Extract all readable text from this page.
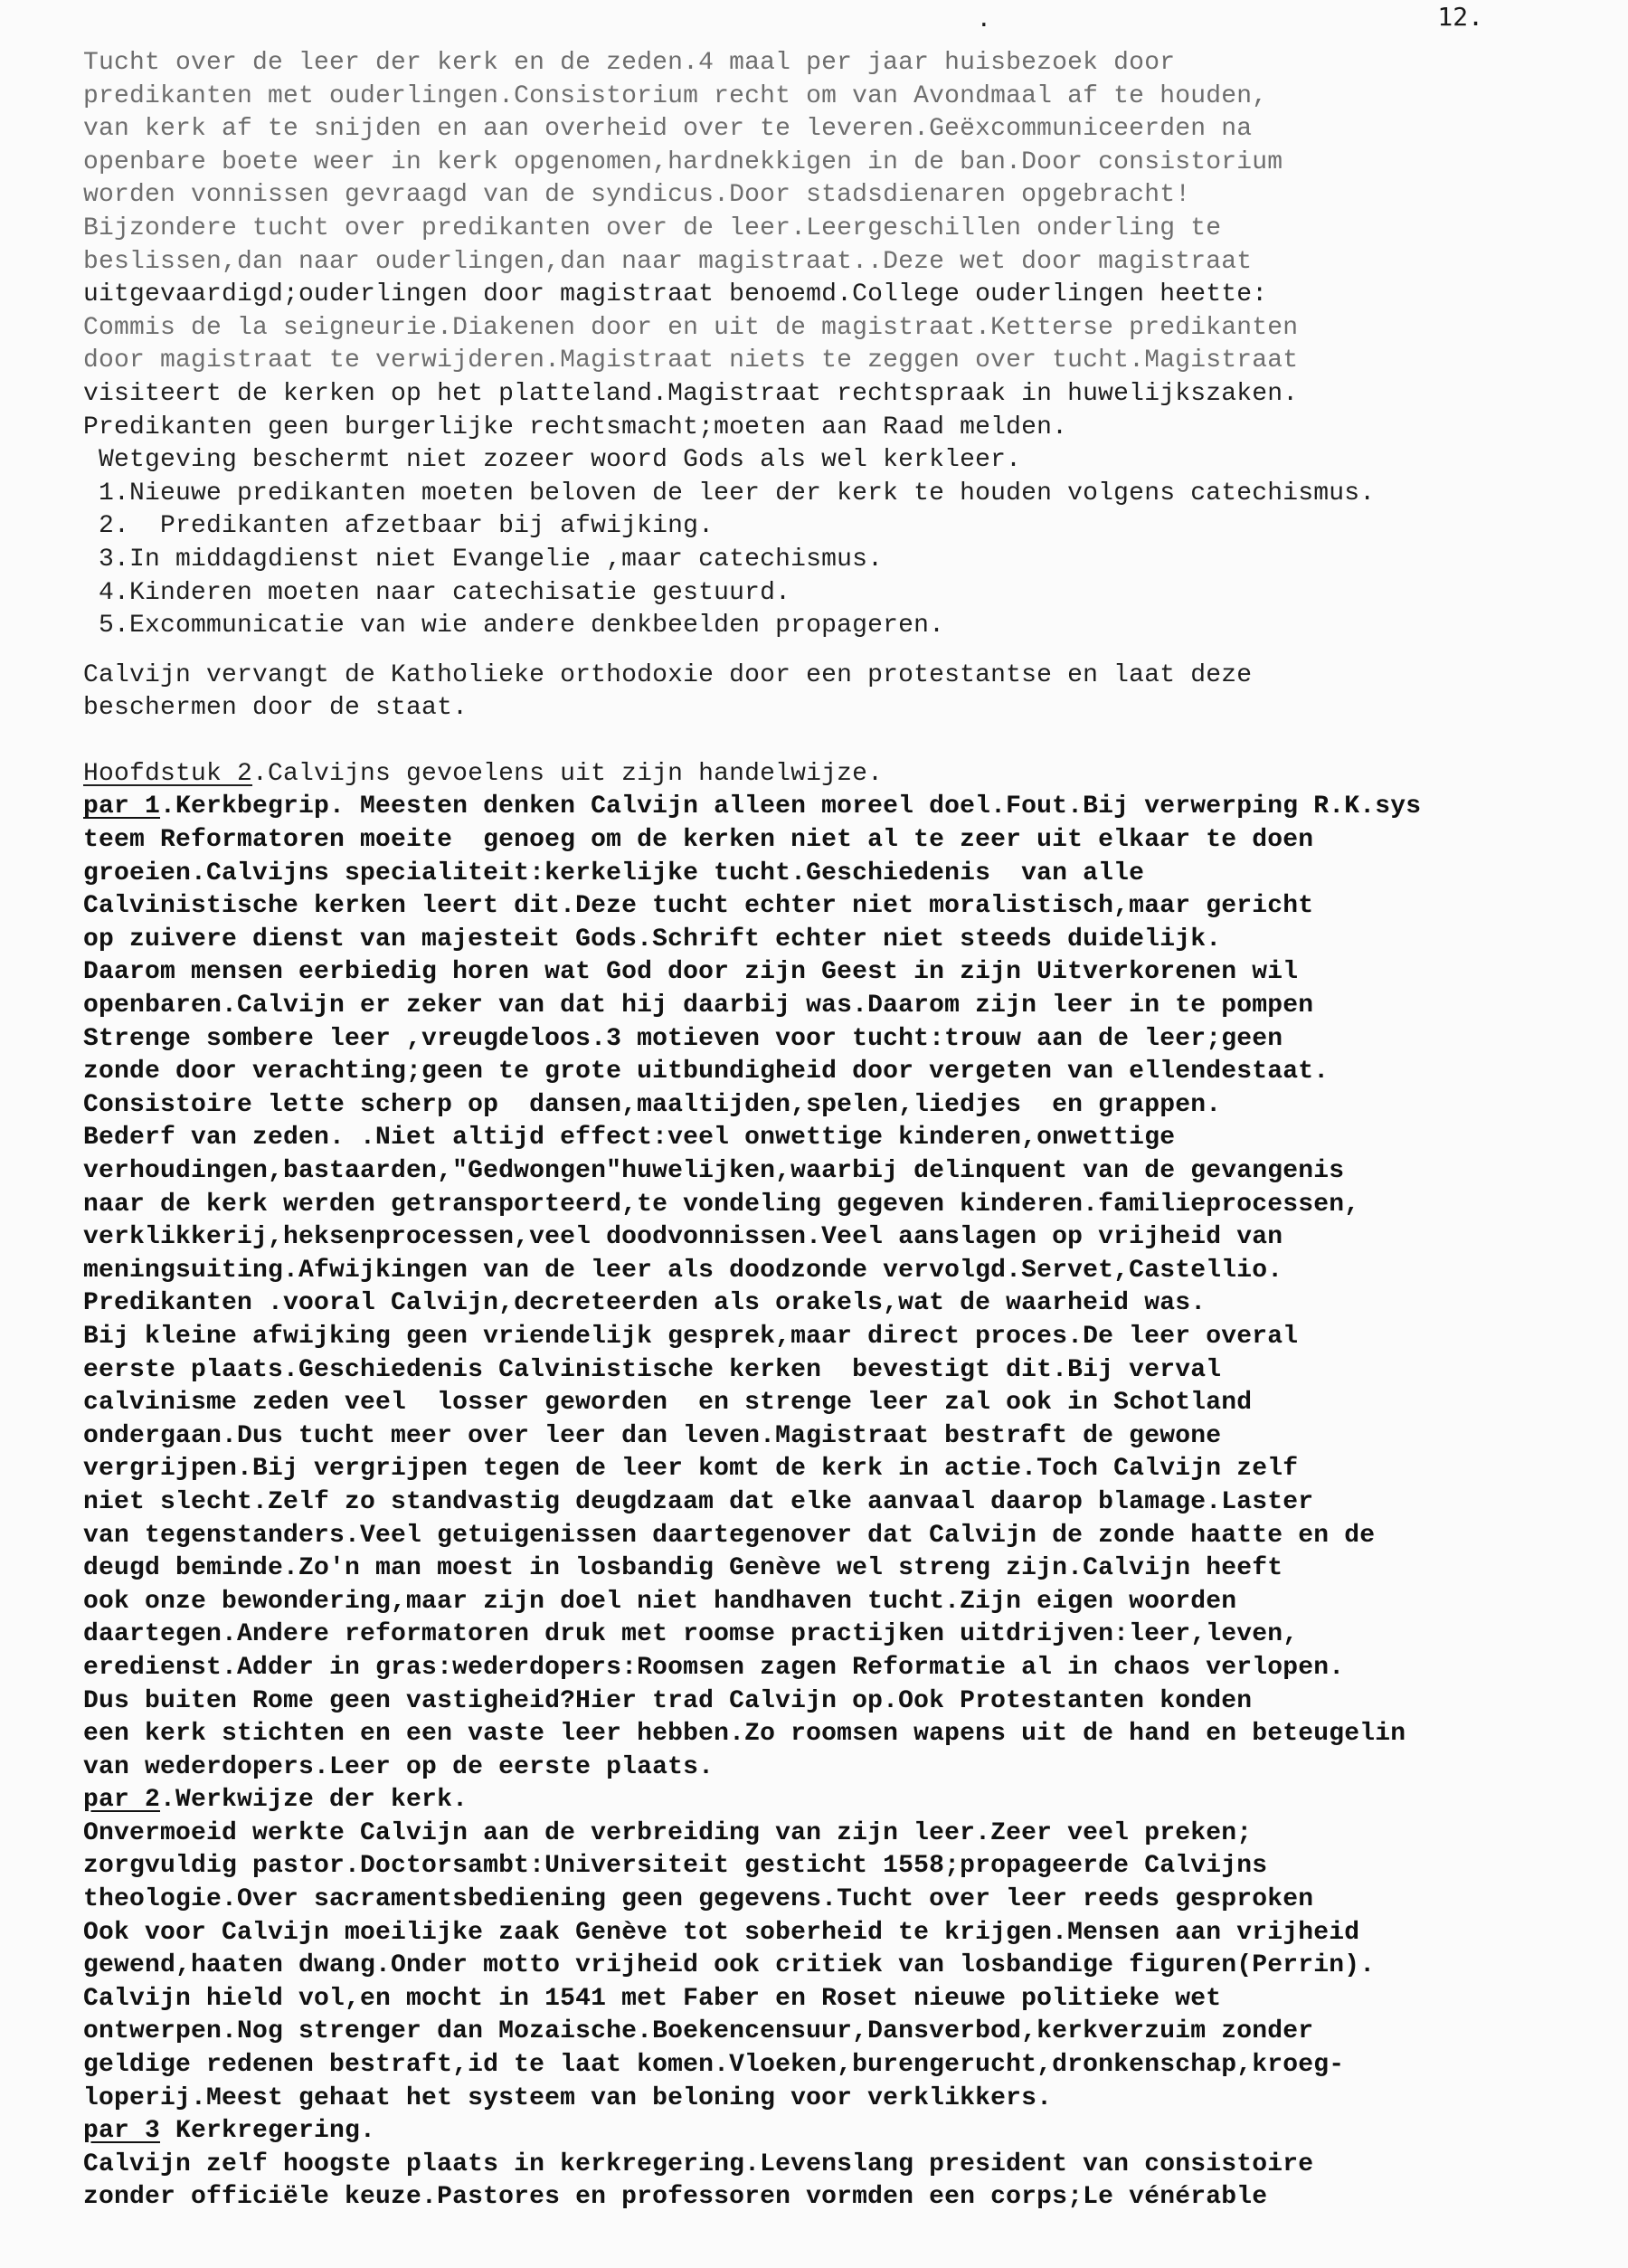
12.
.
Tucht over de leer der kerk en de zeden.4 maal per jaar huisbezoek door
predikanten met ouderlingen.Consistorium recht om van Avondmaal af te houden,
van kerk af te snijden en aan overheid over te leveren.Geëxcommuniceerden na
openbare boete weer in kerk opgenomen,hardnekkigen in de ban.Door consistorium
worden vonnissen gevraagd van de syndicus.Door stadsdienaren opgebracht!
Bijzondere tucht over predikanten over de leer.Leergeschillen onderling te
beslissen,dan naar ouderlingen,dan naar magistraat..Deze wet door magistraat
uitgevaardigd;ouderlingen door magistraat benoemd.College ouderlingen heette:
Commis de la seigneurie.Diakenen door en uit de magistraat.Ketterse predikanten
door magistraat te verwijderen.Magistraat niets te zeggen over tucht.Magistraat
visiteert de kerken op het platteland.Magistraat rechtspraak in huwelijkszaken.
Predikanten geen burgerlijke rechtsmacht;moeten aan Raad melden.
Wetgeving beschermt niet zozeer woord Gods als wel kerkleer.
1.Nieuwe predikanten moeten beloven de leer der kerk te houden volgens catechismus.
2.  Predikanten afzetbaar bij afwijking.
3.In middagdienst niet Evangelie ,maar catechismus.
4.Kinderen moeten naar catechisatie gestuurd.
5.Excommunicatie van wie andere denkbeelden propageren.
Calvijn vervangt de Katholieke orthodoxie door een protestantse en laat deze
beschermen door de staat.
Hoofdstuk 2.Calvijns gevoelens uit zijn handelwijze.
par 1.Kerkbegrip. Meesten denken Calvijn alleen moreel doel.Fout.Bij verwerping R.K.sys
teem Reformatoren moeite  genoeg om de kerken niet al te zeer uit elkaar te doen
groeien.Calvijns specialiteit:kerkelijke tucht.Geschiedenis  van alle
Calvinistische kerken leert dit.Deze tucht echter niet moralistisch,maar gericht
op zuivere dienst van majesteit Gods.Schrift echter niet steeds duidelijk.
Daarom mensen eerbiedig horen wat God door zijn Geest in zijn Uitverkorenen wil
openbaren.Calvijn er zeker van dat hij daarbij was.Daarom zijn leer in te pompen
Strenge sombere leer ,vreugdeloos.3 motieven voor tucht:trouw aan de leer;geen
zonde door verachting;geen te grote uitbundigheid door vergeten van ellendestaat.
Consistoire lette scherp op  dansen,maaltijden,spelen,liedjes  en grappen.
Bederf van zeden. .Niet altijd effect:veel onwettige kinderen,onwettige
verhoudingen,bastaarden,"Gedwongen"huwelijken,waarbij delinquent van de gevangenis
naar de kerk werden getransporteerd,te vondeling gegeven kinderen.familieprocessen,
verklikkerij,heksenprocessen,veel doodvonnissen.Veel aanslagen op vrijheid van
meningsuiting.Afwijkingen van de leer als doodzonde vervolgd.Servet,Castellio.
Predikanten .vooral Calvijn,decreteerden als orakels,wat de waarheid was.
Bij kleine afwijking geen vriendelijk gesprek,maar direct proces.De leer overal
eerste plaats.Geschiedenis Calvinistische kerken  bevestigt dit.Bij verval
calvinisme zeden veel  losser geworden  en strenge leer zal ook in Schotland
ondergaan.Dus tucht meer over leer dan leven.Magistraat bestraft de gewone
vergrijpen.Bij vergrijpen tegen de leer komt de kerk in actie.Toch Calvijn zelf
niet slecht.Zelf zo standvastig deugdzaam dat elke aanvaal daarop blamage.Laster
van tegenstanders.Veel getuigenissen daartegenover dat Calvijn de zonde haatte en de
deugd beminde.Zo'n man moest in losbandig Genève wel streng zijn.Calvijn heeft
ook onze bewondering,maar zijn doel niet handhaven tucht.Zijn eigen woorden
daartegen.Andere reformatoren druk met roomse practijken uitdrijven:leer,leven,
eredienst.Adder in gras:wederdopers:Roomsen zagen Reformatie al in chaos verlopen.
Dus buiten Rome geen vastigheid?Hier trad Calvijn op.Ook Protestanten konden
een kerk stichten en een vaste leer hebben.Zo roomsen wapens uit de hand en beteugelin
van wederdopers.Leer op de eerste plaats.
par 2.Werkwijze der kerk.
Onvermoeid werkte Calvijn aan de verbreiding van zijn leer.Zeer veel preken;
zorgvuldig pastor.Doctorsambt:Universiteit gesticht 1558;propageerde Calvijns
theologie.Over sacramentsbediening geen gegevens.Tucht over leer reeds gesproken
Ook voor Calvijn moeilijke zaak Genève tot soberheid te krijgen.Mensen aan vrijheid
gewend,haaten dwang.Onder motto vrijheid ook critiek van losbandige figuren(Perrin).
Calvijn hield vol,en mocht in 1541 met Faber en Roset nieuwe politieke wet
ontwerpen.Nog strenger dan Mozaische.Boekencensuur,Dansverbod,kerkverzuim zonder
geldige redenen bestraft,id te laat komen.Vloeken,burengerucht,dronkenschap,kroeg-
loperij.Meest gehaat het systeem van beloning voor verklikkers.
par 3 Kerkregering.
Calvijn zelf hoogste plaats in kerkregering.Levenslang president van consistoire
zonder officiële keuze.Pastores en professoren vormden een corps;Le vénérable
